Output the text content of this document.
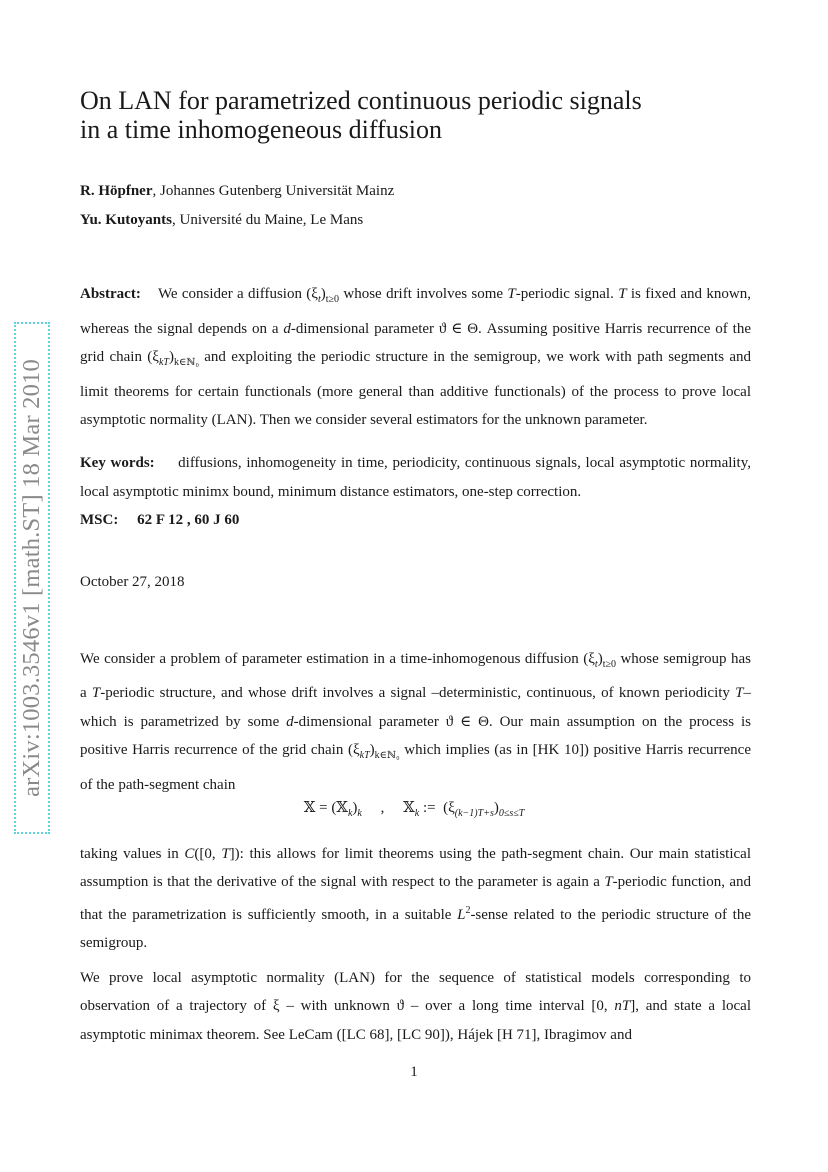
arXiv:1003.3546v1 [math.ST] 18 Mar 2010
On LAN for parametrized continuous periodic signals
in a time inhomogeneous diffusion
R. Höpfner, Johannes Gutenberg Universität Mainz
Yu. Kutoyants, Université du Maine, Le Mans

Abstract: We consider a diffusion $(\xi_t)_{t\ge 0}$ whose drift involves some T-periodic signal. T is fixed and known, whereas the signal depends on a d-dimensional parameter ϑ ∈ Θ. Assuming positive Harris recurrence of the grid chain $(\xi_{kT})_{k\in ℕ_0}$ and exploiting the periodic structure in the semigroup, we work with path segments and limit theorems for certain functionals (more general than additive functionals) of the process to prove local asymptotic normality (LAN). Then we consider several estimators for the unknown parameter.

Key words: diffusions, inhomogeneity in time, periodicity, continuous signals, local asymptotic normality, local asymptotic minimx bound, minimum distance estimators, one-step correction.

MSC: 62 F 12 , 60 J 60

October 27, 2018

We consider a problem of parameter estimation in a time-inhomogenous diffusion $(\xi_t)_{t\ge 0}$ whose semigroup has a T-periodic structure, and whose drift involves a signal –deterministic, continuous, of known periodicity T– which is parametrized by some d-dimensional parameter ϑ ∈ Θ. Our main assumption on the process is positive Harris recurrence of the grid chain $(\xi_{kT})_{k\in ℕ_0}$ which implies (as in [HK 10]) positive Harris recurrence of the path-segment chain

𝕏 = $(𝕏_k)_k$     ,     𝕏$_k$ :=  $(\xi_{(k-1)T+s})_{0\le s\le T}$

taking values in C([0, T]): this allows for limit theorems using the path-segment chain. Our main statistical assumption is that the derivative of the signal with respect to the parameter is again a T-periodic function, and that the parametrization is sufficiently smooth, in a suitable $L^2$-sense related to the periodic structure of the semigroup.

We prove local asymptotic normality (LAN) for the sequence of statistical models corresponding to observation of a trajectory of ξ – with unknown ϑ – over a long time interval [0, nT], and state a local asymptotic minimax theorem. See LeCam ([LC 68], [LC 90]), Hájek [H 71], Ibragimov and

1
